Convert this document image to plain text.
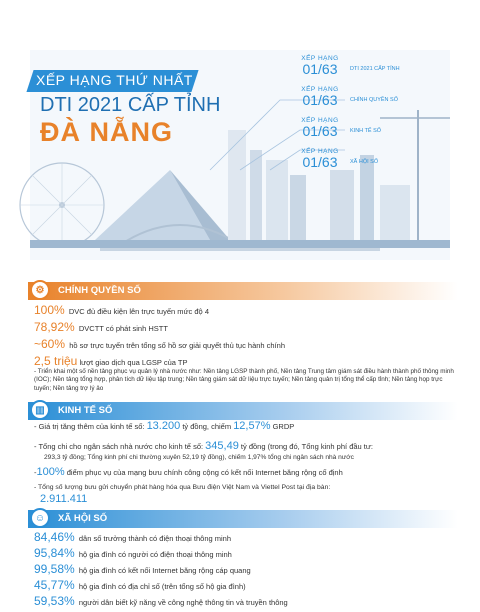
XẾP HẠNG THỨ NHẤT
DTI 2021 CẤP TỈNH
ĐÀ NẴNG
XẾP HẠNG
01/63	DTI 2021 CẤP TỈNH
XẾP HẠNG
01/63	CHÍNH QUYỀN SỐ
XẾP HẠNG
01/63	KINH TẾ SỐ
XẾP HẠNG
01/63	XÃ HỘI SỐ
⚙	CHÍNH QUYỀN SỐ
100% DVC đủ điều kiện lên trực tuyến mức độ 4
78,92% DVCTT có phát sinh HSTT
~60% hồ sơ trực tuyến trên tổng số hồ sơ giải quyết thủ tục hành chính
2,5 triệu lượt giao dịch qua LGSP của TP
- Triển khai một số nền tảng phục vụ quản lý nhà nước như: Nền tảng LGSP thành phố, Nền tảng Trung tâm giám sát điều hành thành phố thông minh (IOC); Nền tảng tổng hợp, phân tích dữ liệu tập trung; Nền tảng giám sát dữ liệu trực tuyến; Nền tảng quản trị tổng thể cấp tỉnh; Nền tảng họp trực tuyến; Nền tảng trợ lý ảo
▥	KINH TẾ SỐ
- Giá trị tăng thêm của kinh tế số: 13.200 tỷ đồng, chiếm 12,57% GRDP
- Tổng chi cho ngân sách nhà nước cho kinh tế số: 345,49 tỷ đồng (trong đó, Tổng kinh phí đầu tư:
293,3 tỷ đồng; Tổng kinh phí chi thường xuyên 52,19 tỷ đồng), chiếm 1,97% tổng chi ngân sách nhà nước
-100% điểm phục vụ của mạng bưu chính công cộng có kết nối Internet băng rộng cố định
- Tổng số lượng bưu gửi chuyển phát hàng hóa qua Bưu điện Việt Nam và Viettel Post tại địa bàn:
2.911.411
☺	XÃ HỘI SỐ
84,46% dân số trưởng thành có điện thoại thông minh
95,84% hộ gia đình có người có điện thoại thông minh
99,58% hộ gia đình có kết nối Internet băng rộng cáp quang
45,77% hộ gia đình có địa chỉ số (trên tổng số hộ gia đình)
59,53% người dân biết kỹ năng về công nghệ thông tin và truyền thông
